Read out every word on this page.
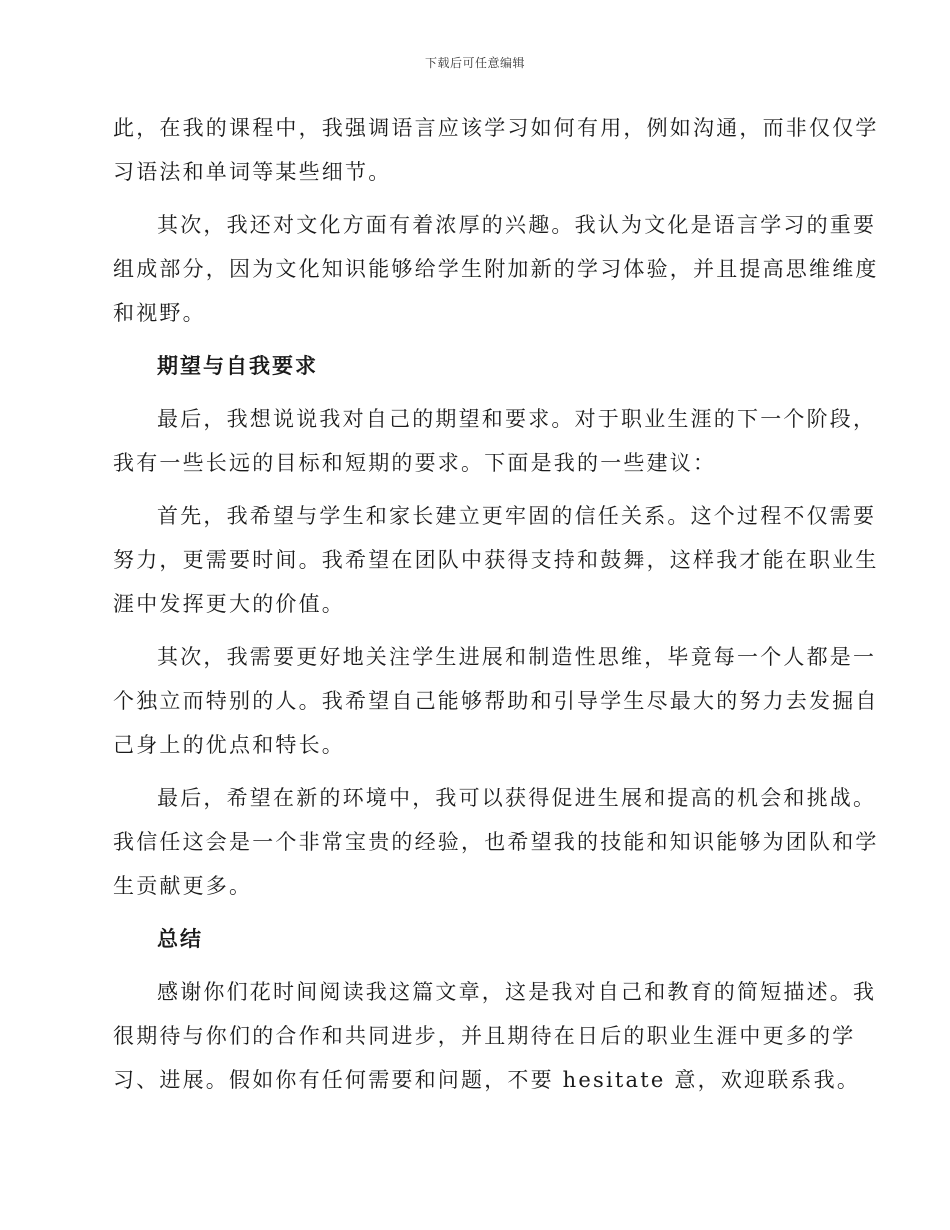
下载后可任意编辑

此，在我的课程中，我强调语言应该学习如何有用，例如沟通，而非仅仅学
习语法和单词等某些细节。

其次，我还对文化方面有着浓厚的兴趣。我认为文化是语言学习的重要
组成部分，因为文化知识能够给学生附加新的学习体验，并且提高思维维度
和视野。

期望与自我要求

最后，我想说说我对自己的期望和要求。对于职业生涯的下一个阶段，
我有一些长远的目标和短期的要求。下面是我的一些建议：

首先，我希望与学生和家长建立更牢固的信任关系。这个过程不仅需要
努力，更需要时间。我希望在团队中获得支持和鼓舞，这样我才能在职业生
涯中发挥更大的价值。

其次，我需要更好地关注学生进展和制造性思维，毕竟每一个人都是一
个独立而特别的人。我希望自己能够帮助和引导学生尽最大的努力去发掘自
己身上的优点和特长。

最后，希望在新的环境中，我可以获得促进生展和提高的机会和挑战。
我信任这会是一个非常宝贵的经验，也希望我的技能和知识能够为团队和学
生贡献更多。

总结

感谢你们花时间阅读我这篇文章，这是我对自己和教育的简短描述。我
很期待与你们的合作和共同进步，并且期待在日后的职业生涯中更多的学
习、进展。假如你有任何需要和问题，不要 hesitate 意，欢迎联系我。
